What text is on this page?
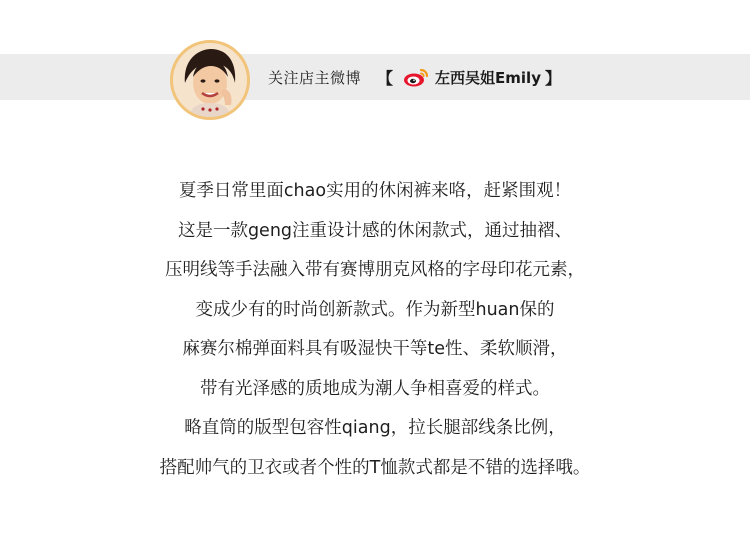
关注店主微博 【	左西吴姐Emily 】
夏季日常里面chao实用的休闲裤来咯，赶紧围观！
这是一款geng注重设计感的休闲款式，通过抽褶、
压明线等手法融入带有赛博朋克风格的字母印花元素，
变成少有的时尚创新款式。作为新型huan保的
麻赛尔棉弹面料具有吸湿快干等te性、柔软顺滑，
带有光泽感的质地成为潮人争相喜爱的样式。
略直筒的版型包容性qiang，拉长腿部线条比例，
搭配帅气的卫衣或者个性的T恤款式都是不错的选择哦。
